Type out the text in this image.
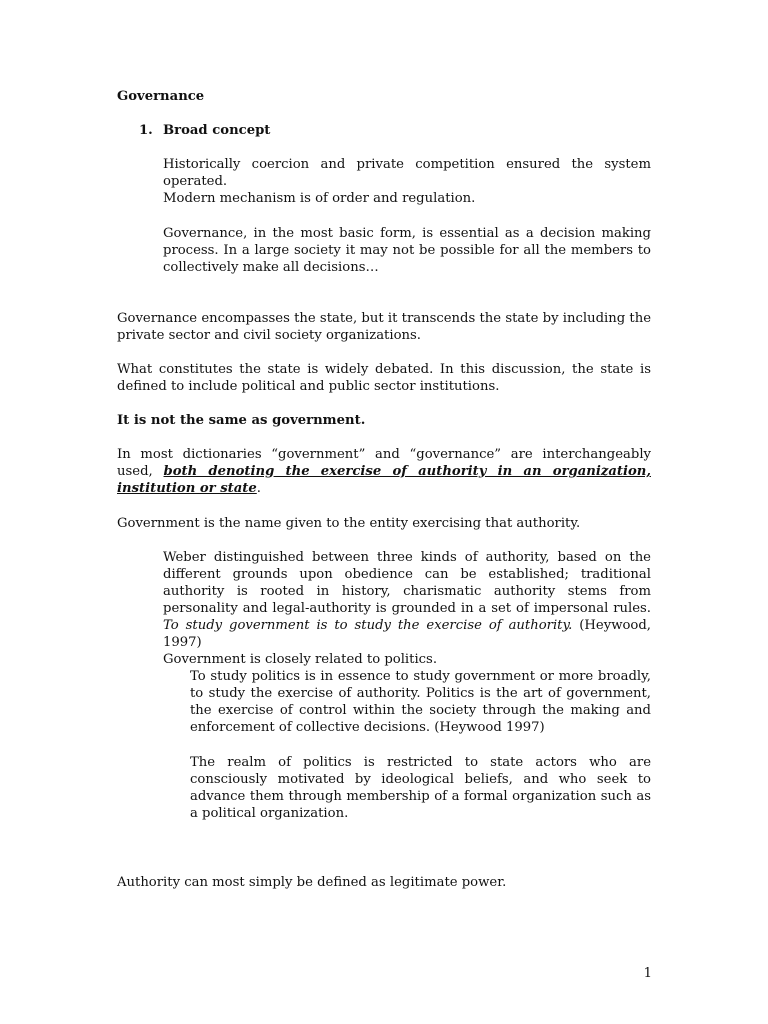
Governance

1. Broad concept

Historically coercion and private competition ensured the system operated.
Modern mechanism is of order and regulation.

Governance, in the most basic form, is essential as a decision making process. In a large society it may not be possible for all the members to collectively make all decisions…

Governance encompasses the state, but it transcends the state by including the private sector and civil society organizations.

What constitutes the state is widely debated. In this discussion, the state is defined to include political and public sector institutions.

It is not the same as government.

In most dictionaries “government” and “governance” are interchangeably used, both denoting the exercise of authority in an organization, institution or state.

Government is the name given to the entity exercising that authority.

Weber distinguished between three kinds of authority, based on the different grounds upon obedience can be established; traditional authority is rooted in history, charismatic authority stems from personality and legal-authority is grounded in a set of impersonal rules. To study government is to study the exercise of authority. (Heywood, 1997)
Government is closely related to politics.

To study politics is in essence to study government or more broadly, to study the exercise of authority. Politics is the art of government, the exercise of control within the society through the making and enforcement of collective decisions. (Heywood 1997)

The realm of politics is restricted to state actors who are consciously motivated by ideological beliefs, and who seek to advance them through membership of a formal organization such as a political organization.

Authority can most simply be defined as legitimate power.

1
